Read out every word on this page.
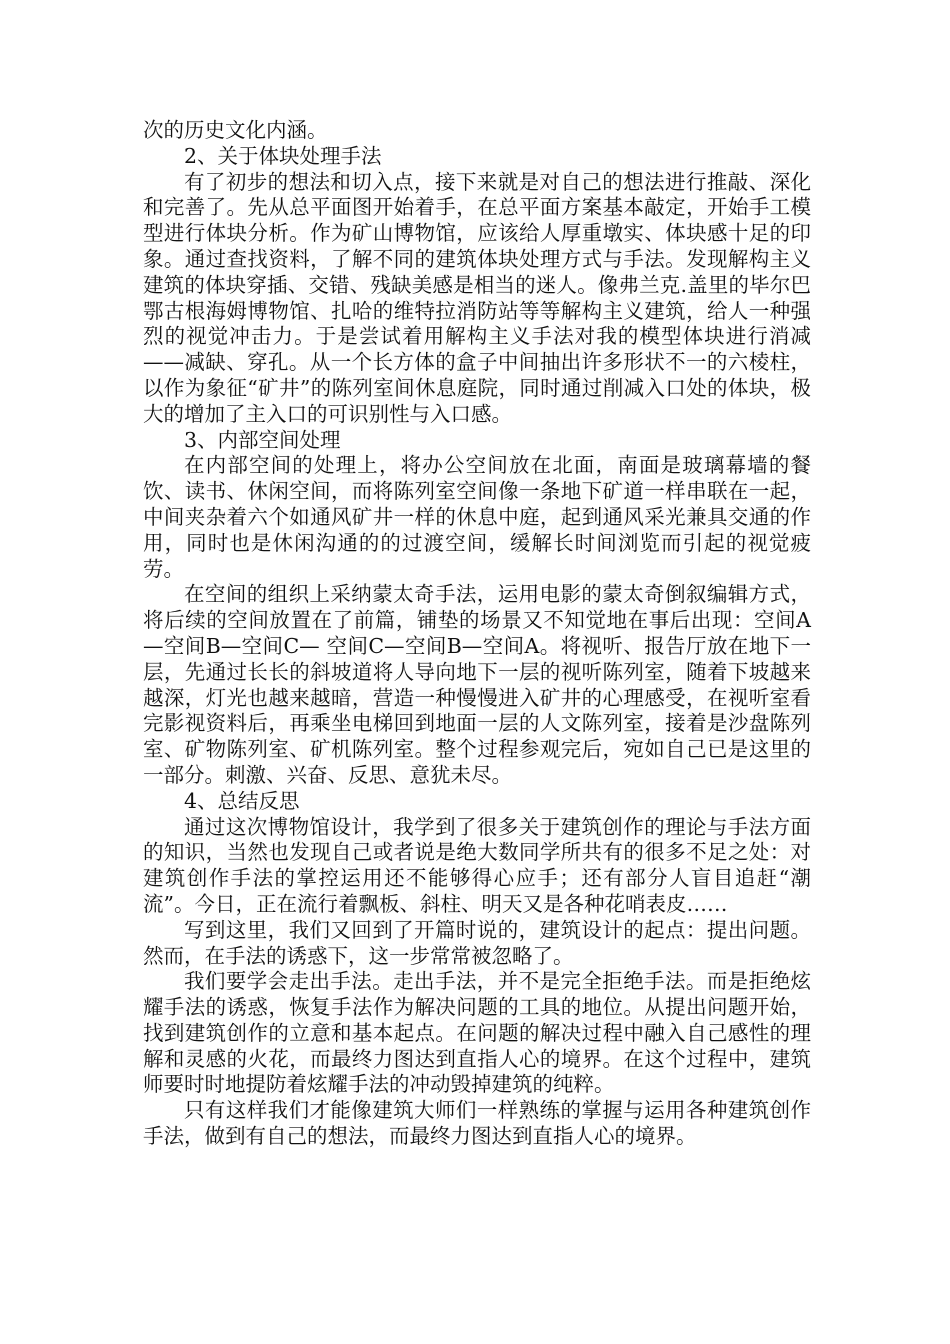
次的历史文化内涵。

2、关于体块处理手法

有了初步的想法和切入点，接下来就是对自己的想法进行推敲、深化和完善了。先从总平面图开始着手，在总平面方案基本敲定，开始手工模型进行体块分析。作为矿山博物馆，应该给人厚重墩实、体块感十足的印象。通过查找资料，了解不同的建筑体块处理方式与手法。发现解构主义建筑的体块穿插、交错、残缺美感是相当的迷人。像弗兰克.盖里的毕尔巴鄂古根海姆博物馆、扎哈的维特拉消防站等等解构主义建筑，给人一种强烈的视觉冲击力。于是尝试着用解构主义手法对我的模型体块进行消减——减缺、穿孔。从一个长方体的盒子中间抽出许多形状不一的六棱柱，以作为象征“矿井”的陈列室间休息庭院，同时通过削减入口处的体块，极大的增加了主入口的可识别性与入口感。

3、内部空间处理

在内部空间的处理上，将办公空间放在北面，南面是玻璃幕墙的餐饮、读书、休闲空间，而将陈列室空间像一条地下矿道一样串联在一起，中间夹杂着六个如通风矿井一样的休息中庭，起到通风采光兼具交通的作用，同时也是休闲沟通的的过渡空间，缓解长时间浏览而引起的视觉疲劳。

在空间的组织上采纳蒙太奇手法，运用电影的蒙太奇倒叙编辑方式，将后续的空间放置在了前篇，铺垫的场景又不知觉地在事后出现：空间A—空间B—空间C— 空间C—空间B—空间A。将视听、报告厅放在地下一层，先通过长长的斜坡道将人导向地下一层的视听陈列室，随着下坡越来越深，灯光也越来越暗，营造一种慢慢进入矿井的心理感受，在视听室看完影视资料后，再乘坐电梯回到地面一层的人文陈列室，接着是沙盘陈列室、矿物陈列室、矿机陈列室。整个过程参观完后，宛如自己已是这里的一部分。刺激、兴奋、反思、意犹未尽。

4、总结反思

通过这次博物馆设计，我学到了很多关于建筑创作的理论与手法方面的知识，当然也发现自己或者说是绝大数同学所共有的很多不足之处：对建筑创作手法的掌控运用还不能够得心应手；还有部分人盲目追赶“潮流”。今日，正在流行着飘板、斜柱、明天又是各种花哨表皮……

写到这里，我们又回到了开篇时说的，建筑设计的起点：提出问题。然而，在手法的诱惑下，这一步常常被忽略了。

我们要学会走出手法。走出手法，并不是完全拒绝手法。而是拒绝炫耀手法的诱惑，恢复手法作为解决问题的工具的地位。从提出问题开始，找到建筑创作的立意和基本起点。在问题的解决过程中融入自己感性的理解和灵感的火花，而最终力图达到直指人心的境界。在这个过程中，建筑师要时时地提防着炫耀手法的冲动毁掉建筑的纯粹。

只有这样我们才能像建筑大师们一样熟练的掌握与运用各种建筑创作手法，做到有自己的想法，而最终力图达到直指人心的境界。
